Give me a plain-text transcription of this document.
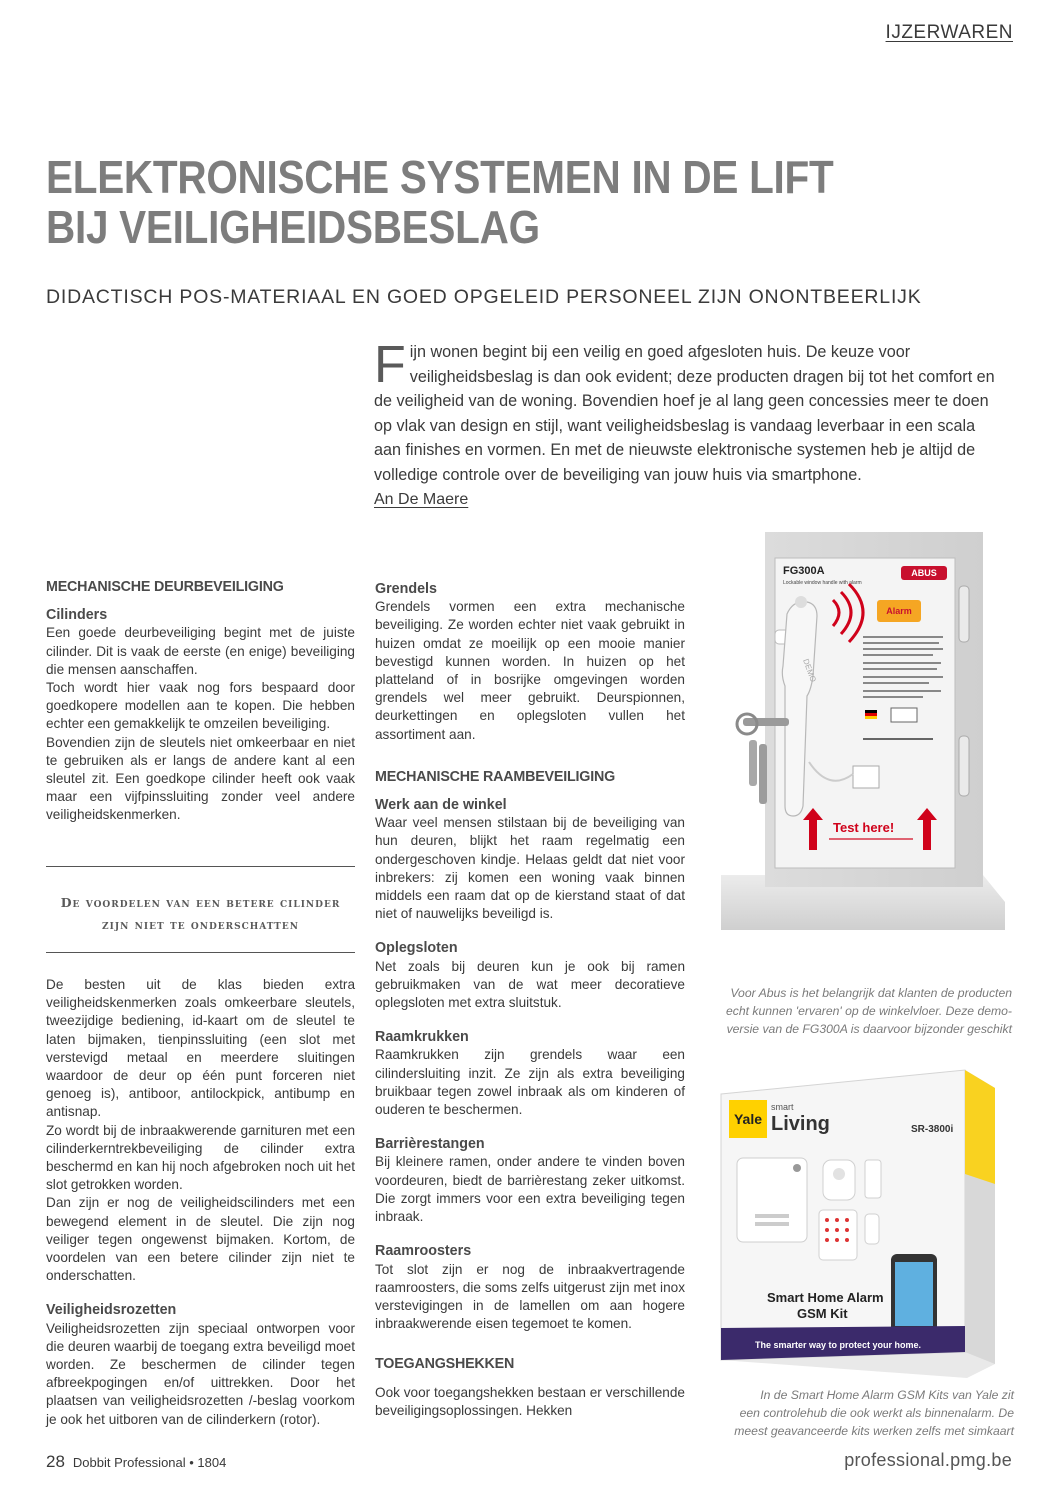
IJZERWAREN
ELEKTRONISCHE SYSTEMEN IN DE LIFT
BIJ VEILIGHEIDSBESLAG
DIDACTISCH POS-MATERIAAL EN GOED OPGELEID PERSONEEL ZIJN ONONTBEERLIJK

Fijn wonen begint bij een veilig en goed afgesloten huis. De keuze voor veiligheidsbeslag is dan ook evident; deze producten dragen bij tot het comfort en de veiligheid van de woning. Bovendien hoef je al lang geen concessies meer te doen op vlak van design en stijl, want veiligheidsbeslag is vandaag leverbaar in een scala aan finishes en vormen. En met de nieuwste elektronische systemen heb je altijd de volledige controle over de beveiliging van jouw huis via smartphone.

An De Maere
MECHANISCHE DEURBEVEILIGING
Cilinders

Een goede deurbeveiliging begint met de juiste cilinder. Dit is vaak de eerste (en enige) beveiliging die mensen aanschaffen.

Toch wordt hier vaak nog fors bespaard door goedkopere modellen aan te kopen. Die hebben echter een gemakkelijk te omzeilen beveiliging.

Bovendien zijn de sleutels niet omkeerbaar en niet te gebruiken als er langs de andere kant al een sleutel zit. Een goedkope cilinder heeft ook vaak maar een vijfpinssluiting zonder veel andere veiligheidskenmerken.

De voordelen van een betere cilinder
zijn niet te onderschatten

De besten uit de klas bieden extra veiligheidskenmerken zoals omkeerbare sleutels, tweezijdige bediening, id-kaart om de sleutel te laten bijmaken, tienpinssluiting (een slot met verstevigd metaal en meerdere sluitingen waardoor de deur op één punt forceren niet genoeg is), antiboor, antilockpick, antibump en antisnap.

Zo wordt bij de inbraakwerende garnituren met een cilinderkerntrekbeveiliging de cilinder extra beschermd en kan hij noch afgebroken noch uit het slot getrokken worden.

Dan zijn er nog de veiligheidscilinders met een bewegend element in de sleutel. Die zijn nog veiliger tegen ongewenst bijmaken. Kortom, de voordelen van een betere cilinder zijn niet te onderschatten.

Veiligheidsrozetten

Veiligheidsrozetten zijn speciaal ontworpen voor die deuren waarbij de toegang extra beveiligd moet worden. Ze beschermen de cilinder tegen afbreekpogingen en/of uittrekken. Door het plaatsen van veiligheidsrozetten /-beslag voorkom je ook het uitboren van de cilinderkern (rotor).

Grendels

Grendels vormen een extra mechanische beveiliging. Ze worden echter niet vaak gebruikt in huizen omdat ze moeilijk op een mooie manier bevestigd kunnen worden. In huizen op het platteland of in bosrijke omgevingen worden grendels wel meer gebruikt. Deurspionnen, deurkettingen en oplegsloten vullen het assortiment aan.

MECHANISCHE RAAMBEVEILIGING
Werk aan de winkel

Waar veel mensen stilstaan bij de beveiliging van hun deuren, blijkt het raam regelmatig een ondergeschoven kindje. Helaas geldt dat niet voor inbrekers: zij komen een woning vaak binnen middels een raam dat op de kierstand staat of dat niet of nauwelijks beveiligd is.

Oplegsloten

Net zoals bij deuren kun je ook bij ramen gebruikmaken van de wat meer decoratieve oplegsloten met extra sluitstuk.

Raamkrukken

Raamkrukken zijn grendels waar een cilindersluiting inzit. Ze zijn als extra beveiliging bruikbaar tegen zowel inbraak als om kinderen of ouderen te beschermen.

Barrièrestangen

Bij kleinere ramen, onder andere te vinden boven voordeuren, biedt de barrièrestang zeker uitkomst. Die zorgt immers voor een extra beveiliging tegen inbraak.

Raamroosters

Tot slot zijn er nog de inbraakvertragende raamroosters, die soms zelfs uitgerust zijn met inox verstevigingen in de lamellen om aan hogere inbraakwerende eisen tegemoet te komen.

TOEGANGSHEKKEN

Ook voor toegangshekken bestaan er verschillende beveiligingsoplossingen. Hekken

FG300A
Lockable window handle with alarm
ABUS
Alarm
DEMO
Test here!
Voor Abus is het belangrijk dat klanten de producten
echt kunnen 'ervaren' op de winkelvloer. Deze demo-
versie van de FG300A is daarvoor bijzonder geschikt
Yale
smart
Living	SR-3800i
Smart Home Alarm
GSM Kit
The smarter way to protect your home.
In de Smart Home Alarm GSM Kits van Yale zit
een controlehub die ook werkt als binnenalarm. De
meest geavanceerde kits werken zelfs met simkaart
28 Dobbit Professional • 1804	professional.pmg.be
